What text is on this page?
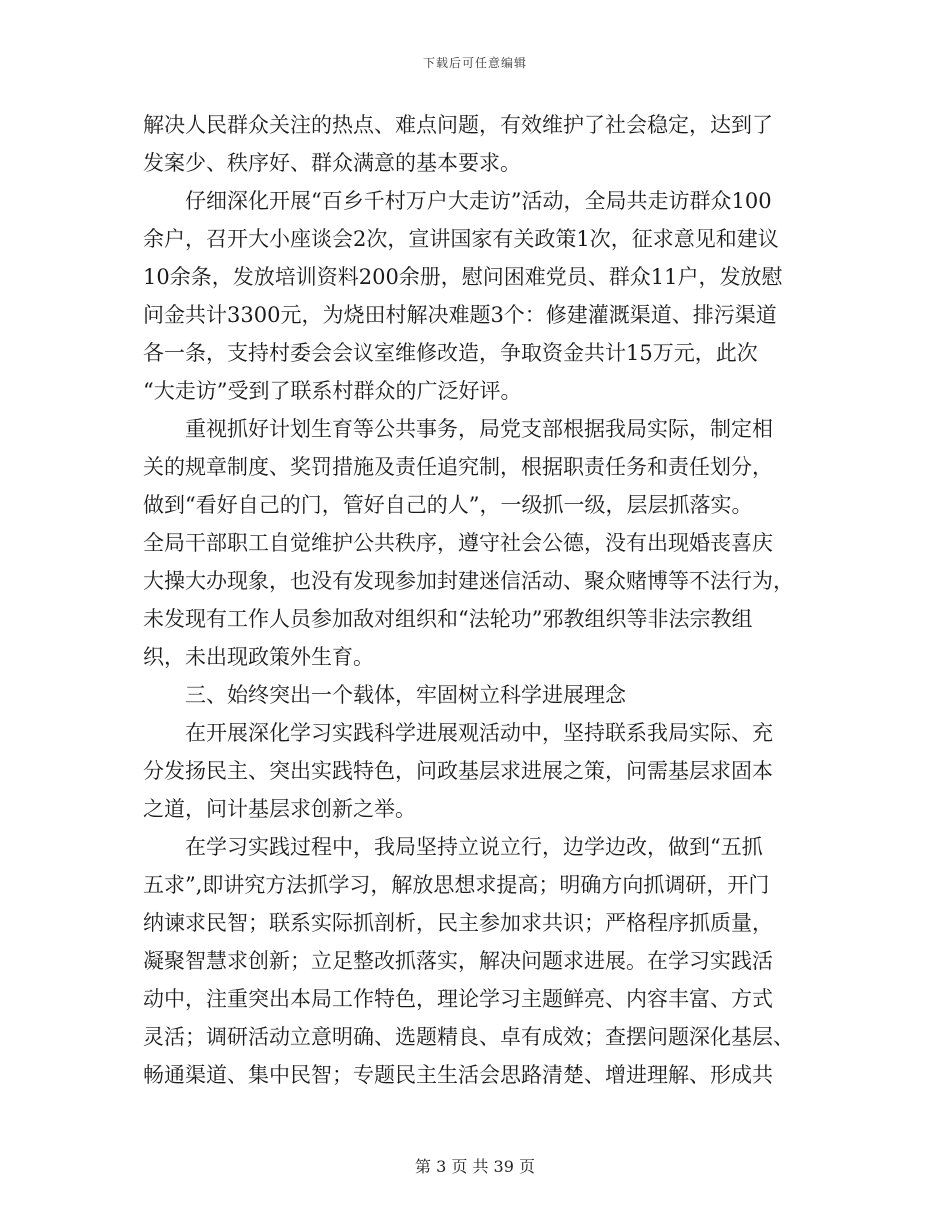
下载后可任意编辑
解决人民群众关注的热点、难点问题，有效维护了社会稳定，达到了
发案少、秩序好、群众满意的基本要求。
仔细深化开展“百乡千村万户大走访”活动，全局共走访群众100
余户，召开大小座谈会2次，宣讲国家有关政策1次，征求意见和建议
10余条，发放培训资料200余册，慰问困难党员、群众11户，发放慰
问金共计3300元，为烧田村解决难题3个：修建灌溉渠道、排污渠道
各一条，支持村委会会议室维修改造，争取资金共计15万元，此次
“大走访”受到了联系村群众的广泛好评。
重视抓好计划生育等公共事务，局党支部根据我局实际，制定相
关的规章制度、奖罚措施及责任追究制，根据职责任务和责任划分，
做到“看好自己的门，管好自己的人”，一级抓一级，层层抓落实。
全局干部职工自觉维护公共秩序，遵守社会公德，没有出现婚丧喜庆
大操大办现象，也没有发现参加封建迷信活动、聚众赌博等不法行为，
未发现有工作人员参加敌对组织和“法轮功”邪教组织等非法宗教组
织，未出现政策外生育。
三、始终突出一个载体，牢固树立科学进展理念
在开展深化学习实践科学进展观活动中，坚持联系我局实际、充
分发扬民主、突出实践特色，问政基层求进展之策，问需基层求固本
之道，问计基层求创新之举。
在学习实践过程中，我局坚持立说立行，边学边改，做到“五抓
五求”,即讲究方法抓学习，解放思想求提高；明确方向抓调研，开门
纳谏求民智；联系实际抓剖析，民主参加求共识；严格程序抓质量，
凝聚智慧求创新；立足整改抓落实，解决问题求进展。在学习实践活
动中，注重突出本局工作特色，理论学习主题鲜亮、内容丰富、方式
灵活；调研活动立意明确、选题精良、卓有成效；查摆问题深化基层、
畅通渠道、集中民智；专题民主生活会思路清楚、增进理解、形成共
第 3 页 共 39 页
